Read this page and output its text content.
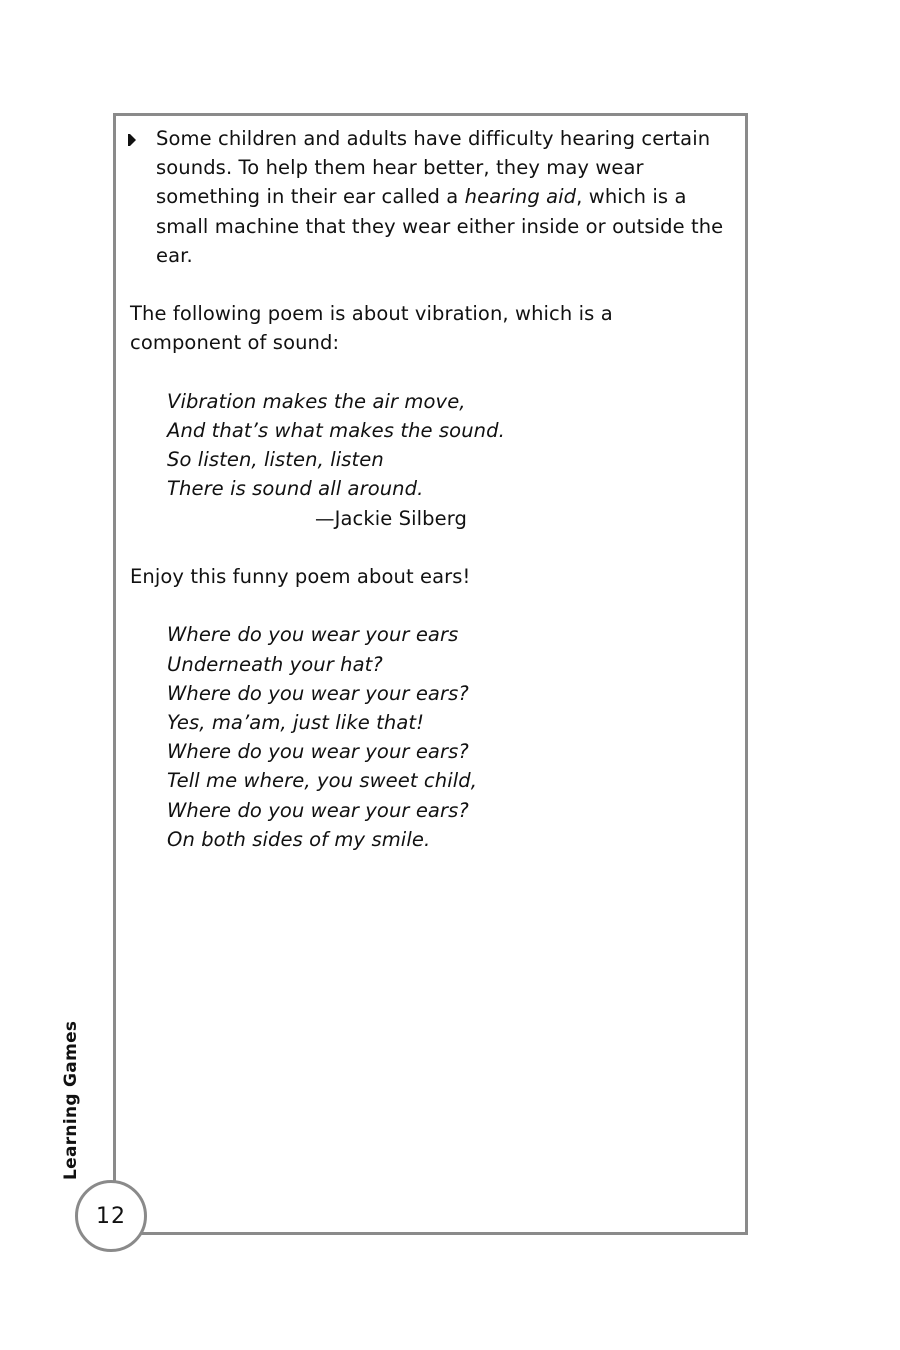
Some children and adults have difficulty hearing certain sounds. To help them hear better, they may wear something in their ear called a hearing aid, which is a small machine that they wear either inside or outside the ear.

The following poem is about vibration, which is a component of sound:

Vibration makes the air move,
And that’s what makes the sound.
So listen, listen, listen
There is sound all around.
—Jackie Silberg

Enjoy this funny poem about ears!

Where do you wear your ears
Underneath your hat?
Where do you wear your ears?
Yes, ma’am, just like that!
Where do you wear your ears?
Tell me where, you sweet child,
Where do you wear your ears?
On both sides of my smile.
Learning Games
12
